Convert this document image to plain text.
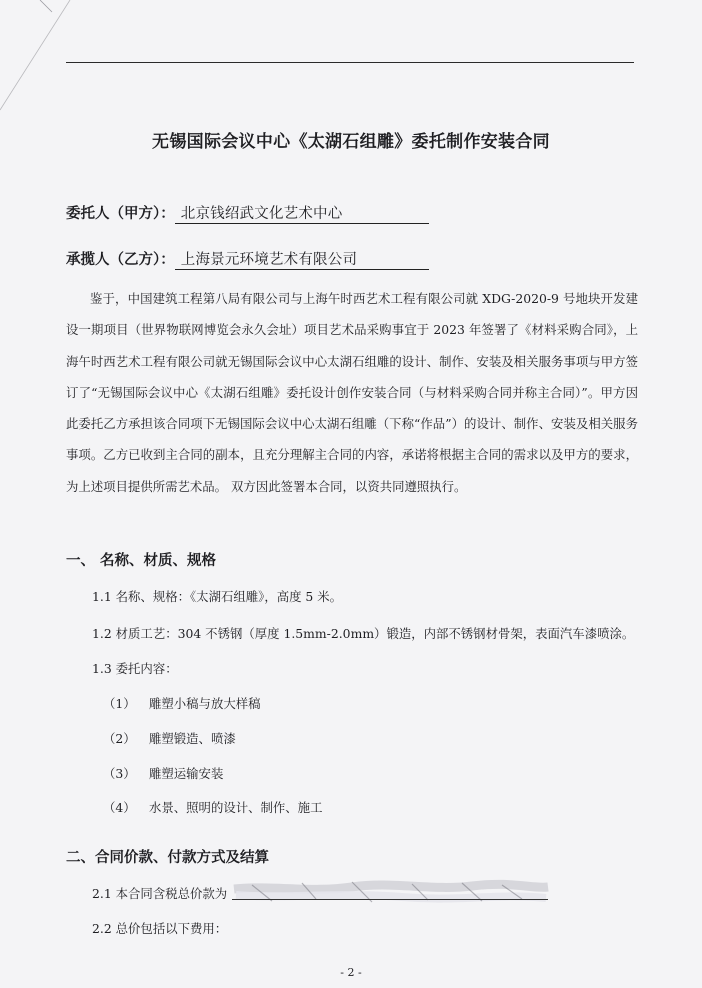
无锡国际会议中心《太湖石组雕》委托制作安装合同
委托人（甲方）： 北京钱绍武文化艺术中心
承揽人（乙方）： 上海景元环境艺术有限公司
鉴于，中国建筑工程第八局有限公司与上海午时西艺术工程有限公司就 XDG-2020-9 号地块开发建设一期项目（世界物联网博览会永久会址）项目艺术品采购事宜于 2023 年签署了《材料采购合同》，上海午时西艺术工程有限公司就无锡国际会议中心太湖石组雕的设计、制作、安装及相关服务事项与甲方签订了“无锡国际会议中心《太湖石组雕》委托设计创作安装合同（与材料采购合同并称主合同）”。甲方因此委托乙方承担该合同项下无锡国际会议中心太湖石组雕（下称“作品”）的设计、制作、安装及相关服务事项。乙方已收到主合同的副本，且充分理解主合同的内容，承诺将根据主合同的需求以及甲方的要求，为上述项目提供所需艺术品。 双方因此签署本合同，以资共同遵照执行。
一、 名称、材质、规格
1.1 名称、规格：《太湖石组雕》，高度 5 米。
1.2 材质工艺：304 不锈钢（厚度 1.5mm-2.0mm）锻造，内部不锈钢材骨架，表面汽车漆喷涂。
1.3 委托内容：
（1） 雕塑小稿与放大样稿
（2） 雕塑锻造、喷漆
（3） 雕塑运输安装
（4） 水景、照明的设计、制作、施工
二、合同价款、付款方式及结算
2.1 本合同含税总价款为
2.2 总价包括以下费用：
- 2 -
